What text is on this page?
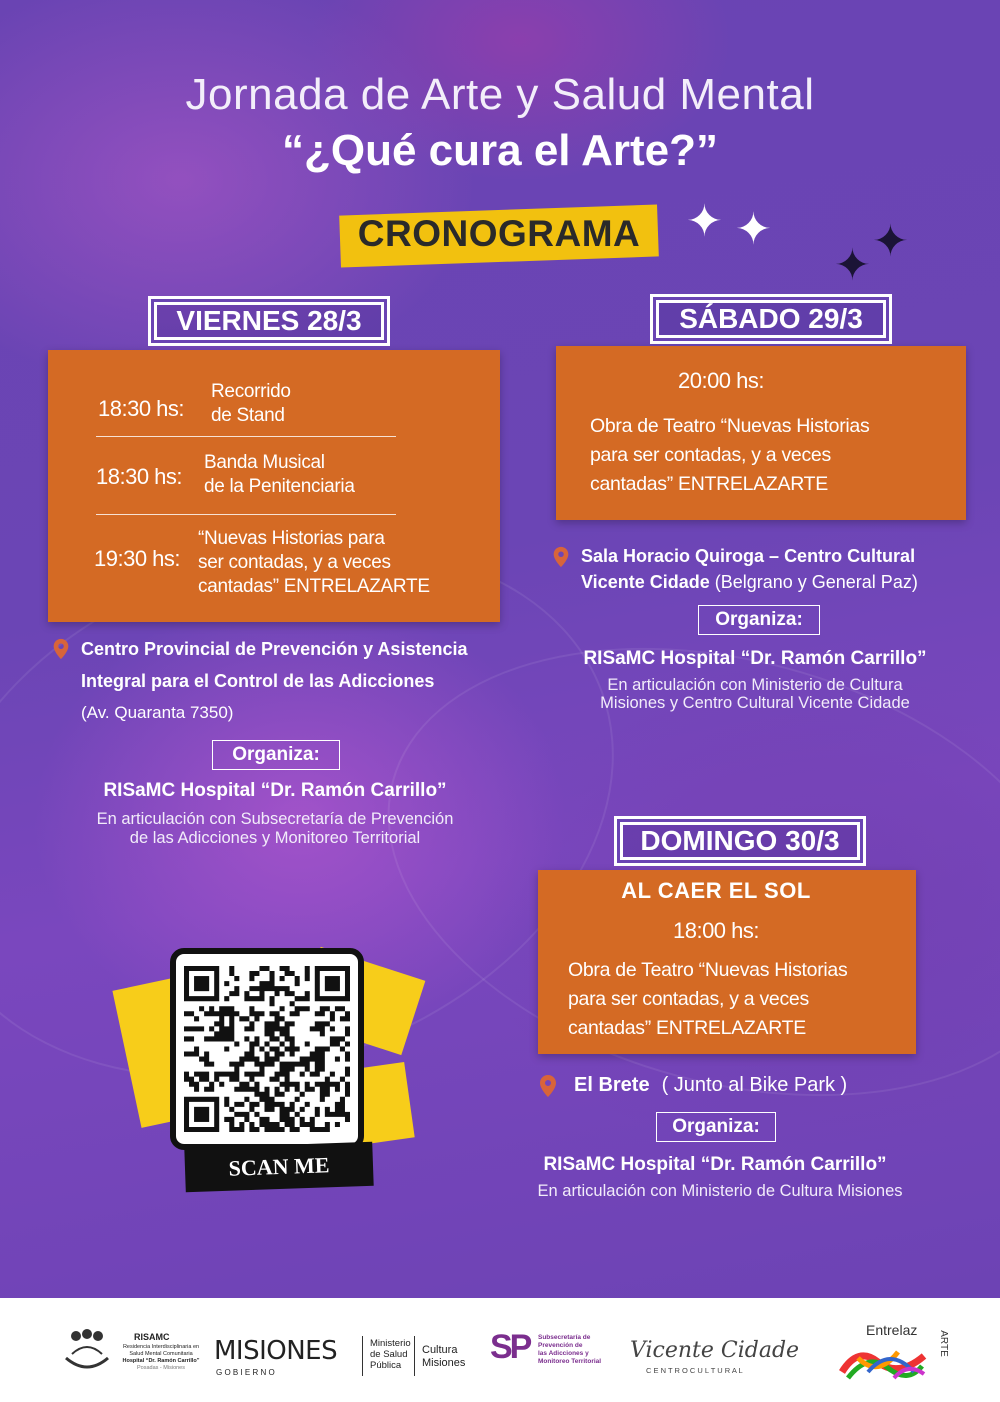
Jornada de Arte y Salud Mental
“¿Qué cura el Arte?”
CRONOGRAMA	✦ ✦ ✦
✦
VIERNES 28/3
18:30 hs:
Recorrido
de Stand
18:30 hs:
Banda Musical
de la Penitenciaria
19:30 hs:
“Nuevas Historias para
ser contadas, y a veces
cantadas” ENTRELAZARTE
Centro Provincial de Prevención y Asistencia
Integral para el Control de las Adicciones
(Av. Quaranta 7350)
Organiza:
RISaMC Hospital “Dr. Ramón Carrillo”
En articulación con Subsecretaría de Prevención
de las Adicciones y Monitoreo Territorial
SÁBADO 29/3
20:00 hs:
Obra de Teatro “Nuevas Historias
para ser contadas, y a veces
cantadas” ENTRELAZARTE
Sala Horacio Quiroga – Centro Cultural
Vicente Cidade (Belgrano y General Paz)
Organiza:
RISaMC Hospital “Dr. Ramón Carrillo”
En articulación con Ministerio de Cultura
Misiones y Centro Cultural Vicente Cidade
DOMINGO 30/3
AL CAER EL SOL
18:00 hs:
Obra de Teatro “Nuevas Historias
para ser contadas, y a veces
cantadas” ENTRELAZARTE
El Brete ( Junto al Bike Park )
Organiza:
RISaMC Hospital “Dr. Ramón Carrillo”
En articulación con Ministerio de Cultura Misiones
SCAN ME
RISAMC
Residencia Interdisciplinaria en
Salud Mental Comunitaria
Hospital “Dr. Ramón Carrillo”
Posadas - Misiones
MISIONES
G O B I E R N O
Ministerio
de Salud
Pública
Cultura
Misiones SP Subsecretaría de
Prevención de
las Adicciones y
Monitoreo Territorial Vicente Cidade
C E N T R O C U L T U R A L
Entrelaz
ARTE
